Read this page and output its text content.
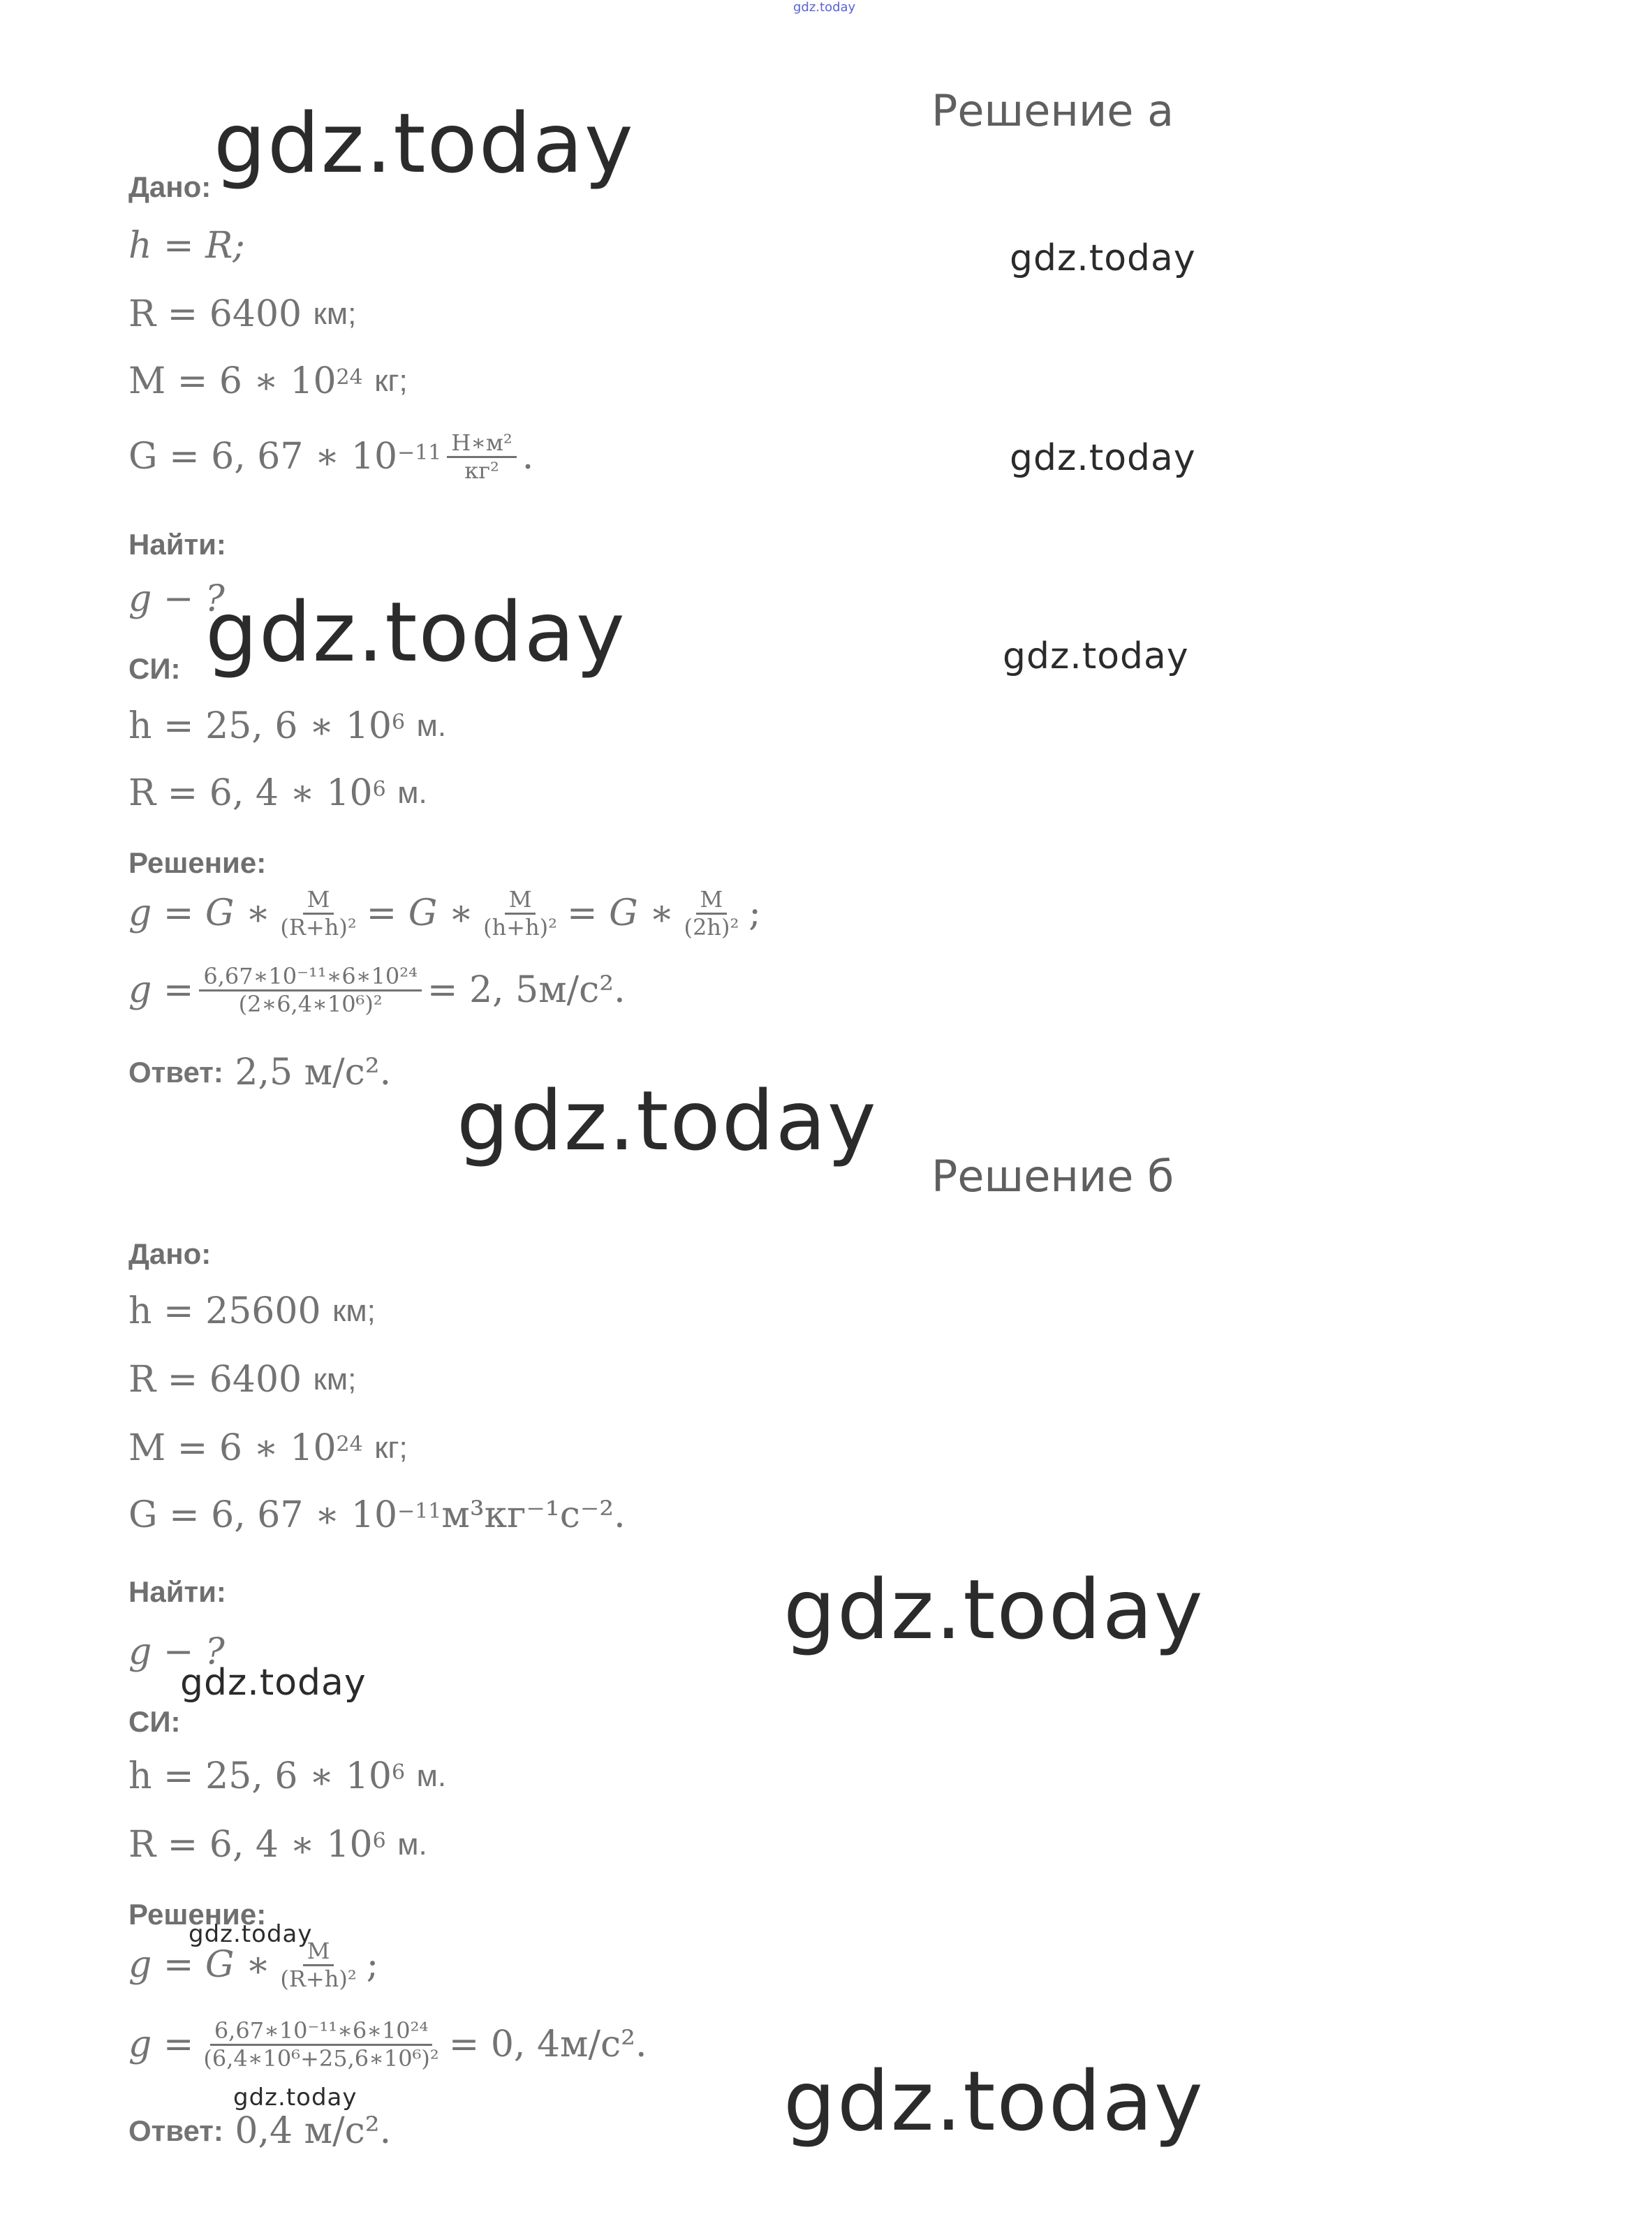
gdz.today
Решение а
Дано:
h = R;
R = 6400
км;
M = 6 ∗ $10^{24}$
кг;
G = 6, 67 ∗ $10^{-11} \frac{\text{Н∗м²}}{\text{кг²}}$ .
Найти:
g − ?
СИ:
h = 25, 6 ∗ $10^6$
м.
R = 6, 4 ∗ $10^6$
м.
Решение:
g = G ∗ $\frac{M}{\text{(R+h)²}} = G$ ∗ $\frac{M}{\text{(h+h)²}} = G$ ∗ $\frac{M}{\text{(2h)²}}$ ;
$g = \frac{\text{6,67∗10⁻¹¹∗6∗10²⁴}}{\text{(2∗6,4∗10⁶)²}} = 2$, 5м/с².
Ответ:
2,5 м/с².
Решение б
Дано:
h = 25600
км;
R = 6400
км;
M = 6 ∗ $10^{24}$
кг;
G = 6, 67 ∗ $10^{-11}$ м³кг⁻¹с⁻².
Найти:
g − ?
СИ:
h = 25, 6 ∗ $10^6$
м.
R = 6, 4 ∗ $10^6$
м.
Решение:
g = G ∗ $\frac{M}{\text{(R+h)²}}$ ;
$g = \frac{\text{6,67∗10⁻¹¹∗6∗10²⁴}}{\text{(6,4∗10⁶+25,6∗10⁶)²}} = 0$, 4м/с².
Ответ:
0,4 м/с².
gdz.today
gdz.today
gdz.today
gdz.today	gdz.today
gdz.today
gdz.today
gdz.today
gdz.today
gdz.today	gdz.today
